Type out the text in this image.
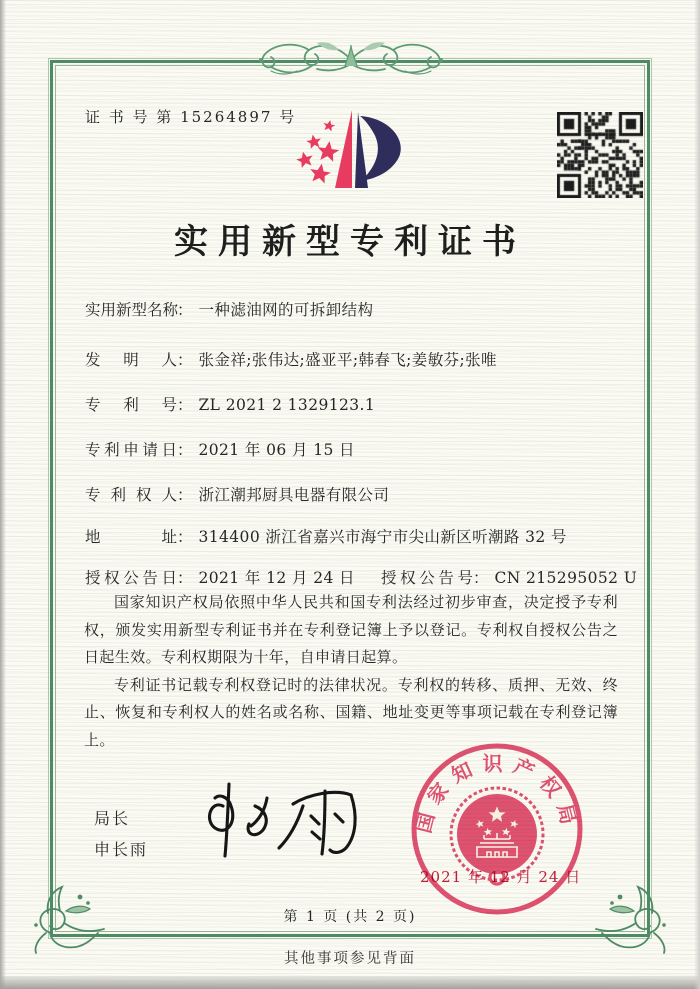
证 书 号 第 15264897 号
实用新型专利证书
实用新型名称： 一种滤油网的可拆卸结构
发明人： 张金祥;张伟达;盛亚平;韩春飞;姜敏芬;张唯
专利号： ZL 2021 2 1329123.1
专利申请日： 2021 年 06 月 15 日
专利权人： 浙江潮邦厨具电器有限公司
地址： 314400 浙江省嘉兴市海宁市尖山新区听潮路 32 号
授权公告日： 2021 年 12 月 24 日 授权公告号： CN 215295052 U

国家知识产权局依照中华人民共和国专利法经过初步审查，决定授予专利权，颁发实用新型专利证书并在专利登记簿上予以登记。专利权自授权公告之日起生效。专利权期限为十年，自申请日起算。

专利证书记载专利权登记时的法律状况。专利权的转移、质押、无效、终止、恢复和专利权人的姓名或名称、国籍、地址变更等事项记载在专利登记簿上。

局长
申长雨
国家知识产权局
2021 年 12 月 24 日
第 1 页 (共 2 页)
其他事项参见背面
